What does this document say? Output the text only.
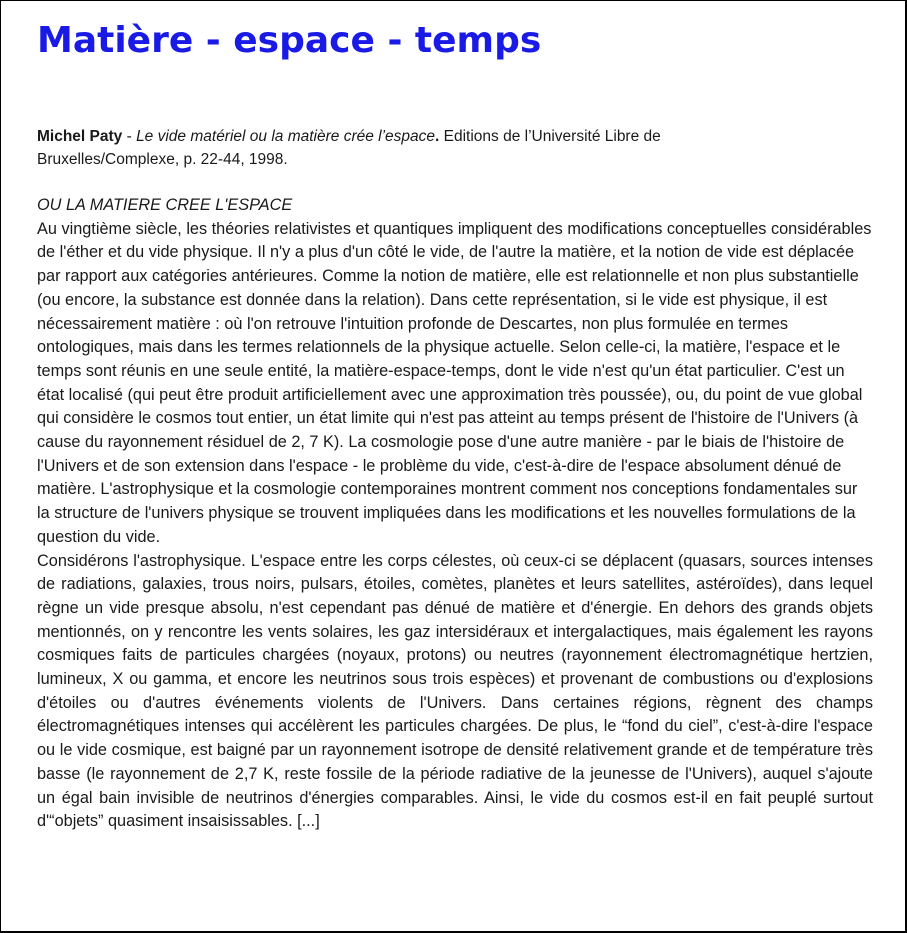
Matière - espace - temps

Michel Paty - Le vide matériel ou la matière crée l’espace. Editions de l’Université Libre de Bruxelles/Complexe, p. 22-44, 1998.

OU LA MATIERE CREE L'ESPACE

Au vingtième siècle, les théories relativistes et quantiques impliquent des modifications conceptuelles considérables de l'éther et du vide physique. Il n'y a plus d'un côté le vide, de l'autre la matière, et la notion de vide est déplacée par rapport aux catégories antérieures. Comme la notion de matière, elle est relationnelle et non plus substantielle (ou encore, la substance est donnée dans la relation). Dans cette représentation, si le vide est physique, il est nécessairement matière : où l'on retrouve l'intuition profonde de Descartes, non plus formulée en termes ontologiques, mais dans les termes relationnels de la physique actuelle. Selon celle-ci, la matière, l'espace et le temps sont réunis en une seule entité, la matière-espace-temps, dont le vide n'est qu'un état particulier. C'est un état localisé (qui peut être produit artificiellement avec une approximation très poussée), ou, du point de vue global qui considère le cosmos tout entier, un état limite qui n'est pas atteint au temps présent de l'histoire de l'Univers (à cause du rayonnement résiduel de 2, 7 K). La cosmologie pose d'une autre manière - par le biais de l'histoire de l'Univers et de son extension dans l'espace - le problème du vide, c'est-à-dire de l'espace absolument dénué de matière. L'astrophysique et la cosmologie contemporaines montrent comment nos conceptions fondamentales sur la structure de l'univers physique se trouvent impliquées dans les modifications et les nouvelles formulations de la question du vide.

Considérons l'astrophysique. L'espace entre les corps célestes, où ceux-ci se déplacent (quasars, sources intenses de radiations, galaxies, trous noirs, pulsars, étoiles, comètes, planètes et leurs satellites, astéroïdes), dans lequel règne un vide presque absolu, n'est cependant pas dénué de matière et d'énergie. En dehors des grands objets mentionnés, on y rencontre les vents solaires, les gaz intersidéraux et intergalactiques, mais également les rayons cosmiques faits de particules chargées (noyaux, protons) ou neutres (rayonnement électromagnétique hertzien, lumineux, X ou gamma, et encore les neutrinos sous trois espèces) et provenant de combustions ou d'explosions d'étoiles ou d'autres événements violents de l'Univers. Dans certaines régions, règnent des champs électromagnétiques intenses qui accélèrent les particules chargées. De plus, le “fond du ciel”, c'est-à-dire l'espace ou le vide cosmique, est baigné par un rayonnement isotrope de densité relativement grande et de température très basse (le rayonnement de 2,7 K, reste fossile de la période radiative de la jeunesse de l'Univers), auquel s'ajoute un égal bain invisible de neutrinos d'énergies comparables. Ainsi, le vide du cosmos est-il en fait peuplé surtout d'“objets” quasiment insaisissables. [...]
